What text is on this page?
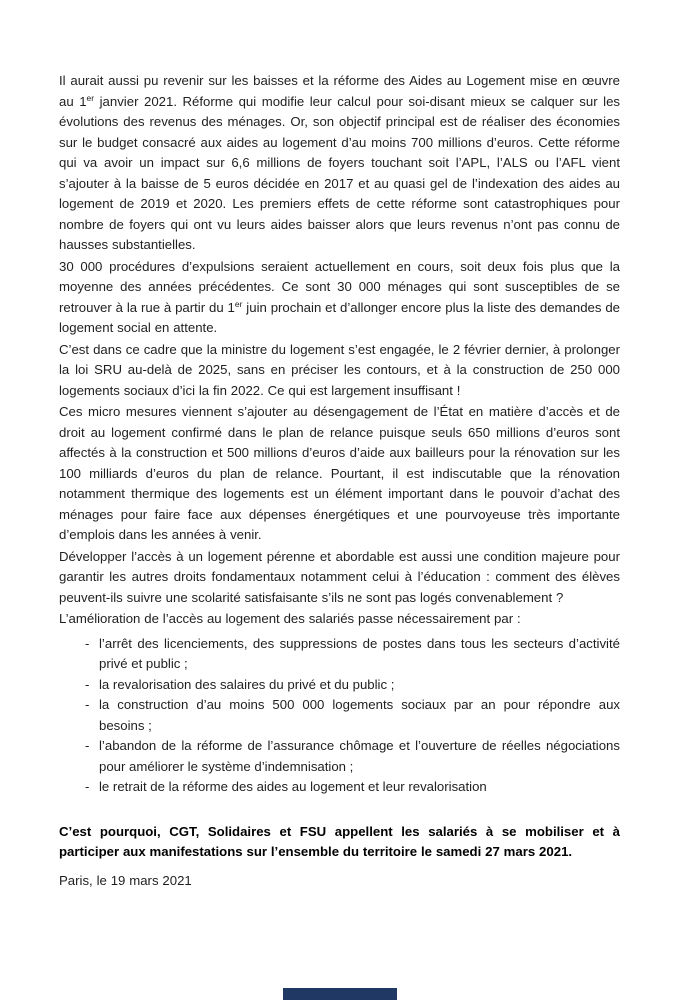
Il aurait aussi pu revenir sur les baisses et la réforme des Aides au Logement mise en œuvre au 1er janvier 2021. Réforme qui modifie leur calcul pour soi-disant mieux se calquer sur les évolutions des revenus des ménages. Or, son objectif principal est de réaliser des économies sur le budget consacré aux aides au logement d’au moins 700 millions d’euros. Cette réforme qui va avoir un impact sur 6,6 millions de foyers touchant soit l’APL, l’ALS ou l’AFL vient s’ajouter à la baisse de 5 euros décidée en 2017 et au quasi gel de l’indexation des aides au logement de 2019 et 2020. Les premiers effets de cette réforme sont catastrophiques pour nombre de foyers qui ont vu leurs aides baisser alors que leurs revenus n’ont pas connu de hausses substantielles.

30 000 procédures d’expulsions seraient actuellement en cours, soit deux fois plus que la moyenne des années précédentes. Ce sont 30 000 ménages qui sont susceptibles de se retrouver à la rue à partir du 1er juin prochain et d’allonger encore plus la liste des demandes de logement social en attente.

C’est dans ce cadre que la ministre du logement s’est engagée, le 2 février dernier, à prolonger la loi SRU au-delà de 2025, sans en préciser les contours, et à la construction de 250 000 logements sociaux d’ici la fin 2022. Ce qui est largement insuffisant !

Ces micro mesures viennent s’ajouter au désengagement de l’État en matière d’accès et de droit au logement confirmé dans le plan de relance puisque seuls 650 millions d’euros sont affectés à la construction et 500 millions d’euros d’aide aux bailleurs pour la rénovation sur les 100 milliards d’euros du plan de relance. Pourtant, il est indiscutable que la rénovation notamment thermique des logements est un élément important dans le pouvoir d’achat des ménages pour faire face aux dépenses énergétiques et une pourvoyeuse très importante d’emplois dans les années à venir.

Développer l’accès à un logement pérenne et abordable est aussi une condition majeure pour garantir les autres droits fondamentaux notamment celui à l’éducation : comment des élèves peuvent-ils suivre une scolarité satisfaisante s’ils ne sont pas logés convenablement ?

L’amélioration de l’accès au logement des salariés passe nécessairement par :

- l’arrêt des licenciements, des suppressions de postes dans tous les secteurs d’activité privé et public ;
- la revalorisation des salaires du privé et du public ;
- la construction d’au moins 500 000 logements sociaux par an pour répondre aux besoins ;
- l’abandon de la réforme de l’assurance chômage et l’ouverture de réelles négociations pour améliorer le système d’indemnisation ;
- le retrait de la réforme des aides au logement et leur revalorisation

C’est pourquoi, CGT, Solidaires et FSU appellent les salariés à se mobiliser et à participer aux manifestations sur l’ensemble du territoire le samedi 27 mars 2021.

Paris, le 19 mars 2021
